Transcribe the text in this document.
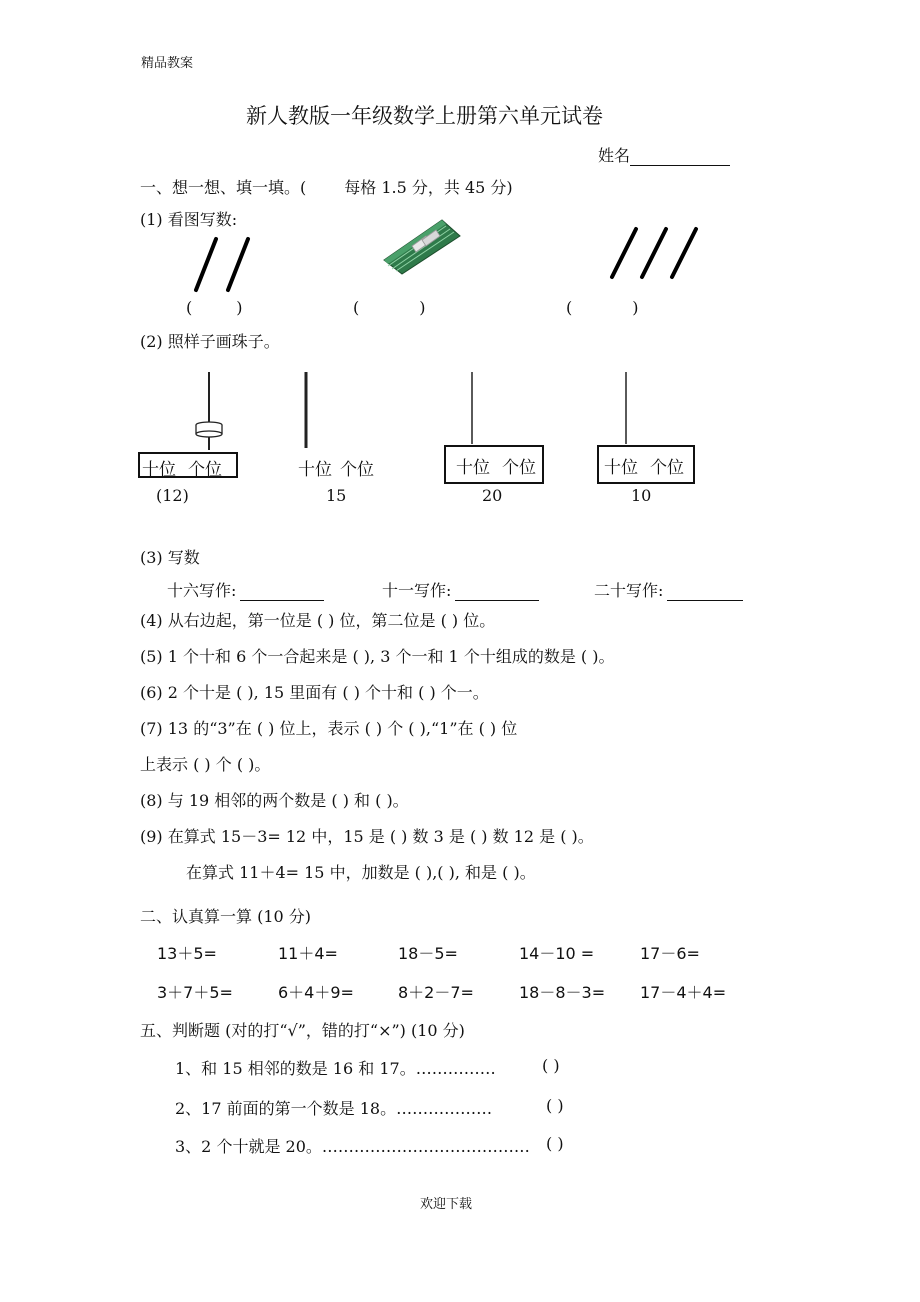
精品教案
新人教版一年级数学上册第六单元试卷
姓名
一、想一想、填一填。( 每格 1.5 分，共 45 分)
(1) 看图写数:
(	)	(	)	(	)
(2) 照样子画珠子。
十位 个位
(12)
十位 个位
15
十位 个位
20
十位 个位
10
(3) 写数
十六写作:	十一写作:	二十写作:
(4) 从右边起，第一位是 ( ) 位，第二位是 ( ) 位。
(5) 1 个十和 6 个一合起来是 ( ), 3 个一和 1 个十组成的数是 ( )。
(6) 2 个十是 ( ), 15 里面有 ( ) 个十和 ( ) 个一。
(7) 13 的“3”在 ( ) 位上，表示 ( ) 个 ( ),“1”在 ( ) 位
上表示 ( ) 个 ( )。
(8) 与 19 相邻的两个数是 ( ) 和 ( )。
(9) 在算式 15－3= 12 中，15 是 ( ) 数 3 是 ( ) 数 12 是 ( )。
在算式 11＋4= 15 中，加数是 ( ),( ), 和是 ( )。
二、认真算一算 (10 分)
13＋5=	11＋4=	18－5=	14－10 =	17－6=
3＋7＋5=	6＋4＋9=	8＋2－7=	18－8－3= 17－4＋4=
五、判断题 (对的打“√”，错的打“×”) (10 分)
1、和 15 相邻的数是 16 和 17。……………	( )
2、17 前面的第一个数是 18。………………	( )
3、2 个十就是 20。………………………………… ( )
欢迎下载
